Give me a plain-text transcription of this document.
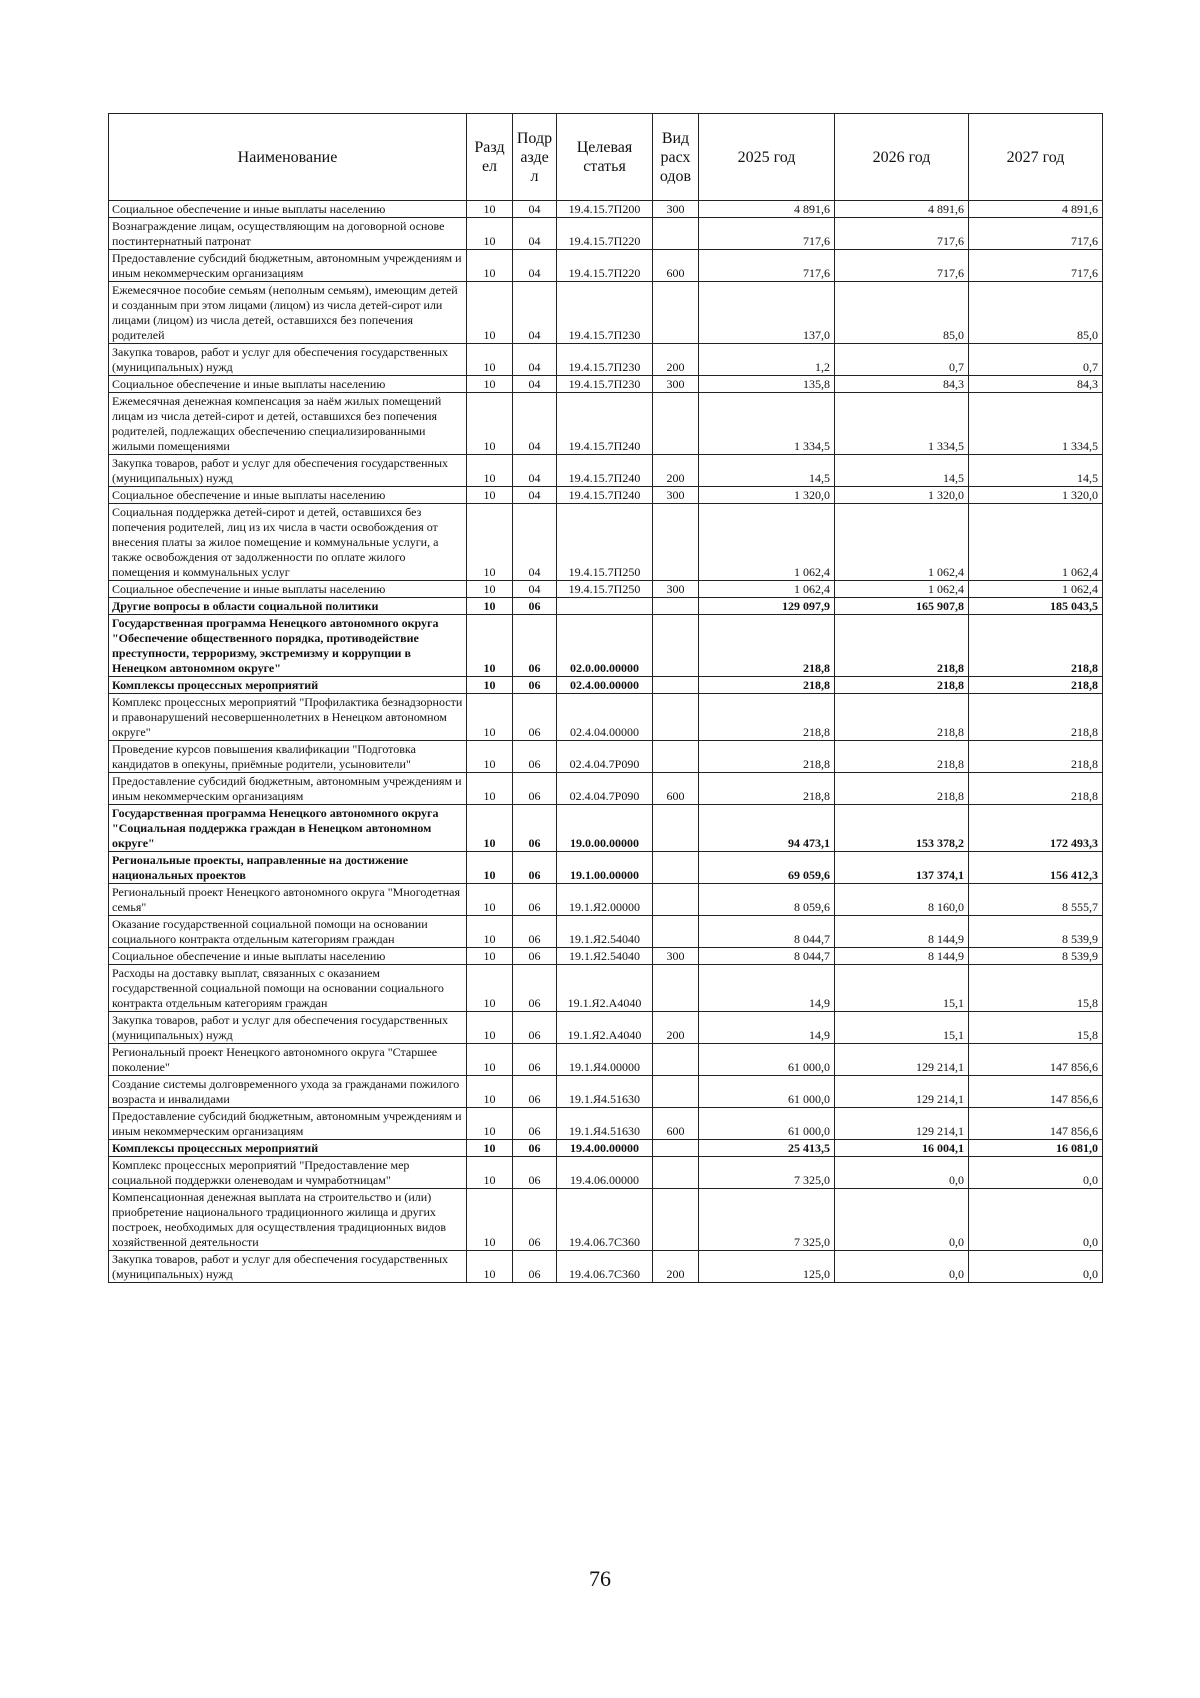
Наименование	Разд ел	Подр азде л	Целевая статья	Вид расх одов	2025 год	2026 год	2027 год
Социальное обеспечение и иные выплаты населению	10	04	19.4.15.7П200	300	4 891,6	4 891,6	4 891,6
Вознаграждение лицам, осуществляющим на договорной основе постинтернатный патронат	10	04	19.4.15.7П220		717,6	717,6	717,6
Предоставление субсидий бюджетным, автономным учреждениям и иным некоммерческим организациям	10	04	19.4.15.7П220	600	717,6	717,6	717,6
Ежемесячное пособие семьям (неполным семьям), имеющим детей и созданным при этом лицами (лицом) из числа детей-сирот или лицами (лицом) из числа детей, оставшихся без попечения родителей	10	04	19.4.15.7П230		137,0	85,0	85,0
Закупка товаров, работ и услуг для обеспечения государственных (муниципальных) нужд	10	04	19.4.15.7П230	200	1,2	0,7	0,7
Социальное обеспечение и иные выплаты населению	10	04	19.4.15.7П230	300	135,8	84,3	84,3
Ежемесячная денежная компенсация за наём жилых помещений лицам из числа детей-сирот и детей, оставшихся без попечения родителей, подлежащих обеспечению специализированными жилыми помещениями	10	04	19.4.15.7П240		1 334,5	1 334,5	1 334,5
Закупка товаров, работ и услуг для обеспечения государственных (муниципальных) нужд	10	04	19.4.15.7П240	200	14,5	14,5	14,5
Социальное обеспечение и иные выплаты населению	10	04	19.4.15.7П240	300	1 320,0	1 320,0	1 320,0
Социальная поддержка детей-сирот и детей, оставшихся без попечения родителей, лиц из их числа в части освобождения от внесения платы за жилое помещение и коммунальные услуги, а также освобождения от задолженности по оплате жилого помещения и коммунальных услуг	10	04	19.4.15.7П250		1 062,4	1 062,4	1 062,4
Социальное обеспечение и иные выплаты населению	10	04	19.4.15.7П250	300	1 062,4	1 062,4	1 062,4
Другие вопросы в области социальной политики	10	06			129 097,9	165 907,8	185 043,5
Государственная программа Ненецкого автономного округа "Обеспечение общественного порядка, противодействие преступности, терроризму, экстремизму и коррупции в Ненецком автономном округе"	10	06	02.0.00.00000		218,8	218,8	218,8
Комплексы процессных мероприятий	10	06	02.4.00.00000		218,8	218,8	218,8
Комплекс процессных мероприятий "Профилактика безнадзорности и правонарушений несовершеннолетних в Ненецком автономном округе"	10	06	02.4.04.00000		218,8	218,8	218,8
Проведение курсов повышения квалификации "Подготовка кандидатов в опекуны, приёмные родители, усыновители"	10	06	02.4.04.7Р090		218,8	218,8	218,8
Предоставление субсидий бюджетным, автономным учреждениям и иным некоммерческим организациям	10	06	02.4.04.7Р090	600	218,8	218,8	218,8
Государственная программа Ненецкого автономного округа "Социальная поддержка граждан в Ненецком автономном округе"	10	06	19.0.00.00000		94 473,1	153 378,2	172 493,3
Региональные проекты, направленные на достижение национальных проектов	10	06	19.1.00.00000		69 059,6	137 374,1	156 412,3
Региональный проект Ненецкого автономного округа "Многодетная семья"	10	06	19.1.Я2.00000		8 059,6	8 160,0	8 555,7
Оказание государственной социальной помощи на основании социального контракта отдельным категориям граждан	10	06	19.1.Я2.54040		8 044,7	8 144,9	8 539,9
Социальное обеспечение и иные выплаты населению	10	06	19.1.Я2.54040	300	8 044,7	8 144,9	8 539,9
Расходы на доставку выплат, связанных с оказанием государственной социальной помощи на основании социального контракта отдельным категориям граждан	10	06	19.1.Я2.А4040		14,9	15,1	15,8
Закупка товаров, работ и услуг для обеспечения государственных (муниципальных) нужд	10	06	19.1.Я2.А4040	200	14,9	15,1	15,8
Региональный проект Ненецкого автономного округа "Старшее поколение"	10	06	19.1.Я4.00000		61 000,0	129 214,1	147 856,6
Создание системы долговременного ухода за гражданами пожилого возраста и инвалидами	10	06	19.1.Я4.51630		61 000,0	129 214,1	147 856,6
Предоставление субсидий бюджетным, автономным учреждениям и иным некоммерческим организациям	10	06	19.1.Я4.51630	600	61 000,0	129 214,1	147 856,6
Комплексы процессных мероприятий	10	06	19.4.00.00000		25 413,5	16 004,1	16 081,0
Комплекс процессных мероприятий "Предоставление мер социальной поддержки оленеводам и чумработницам"	10	06	19.4.06.00000		7 325,0	0,0	0,0
Компенсационная денежная выплата на строительство и (или) приобретение национального традиционного жилища и других построек, необходимых для осуществления традиционных видов хозяйственной деятельности	10	06	19.4.06.7С360		7 325,0	0,0	0,0
Закупка товаров, работ и услуг для обеспечения государственных (муниципальных) нужд	10	06	19.4.06.7С360	200	125,0	0,0	0,0
76
